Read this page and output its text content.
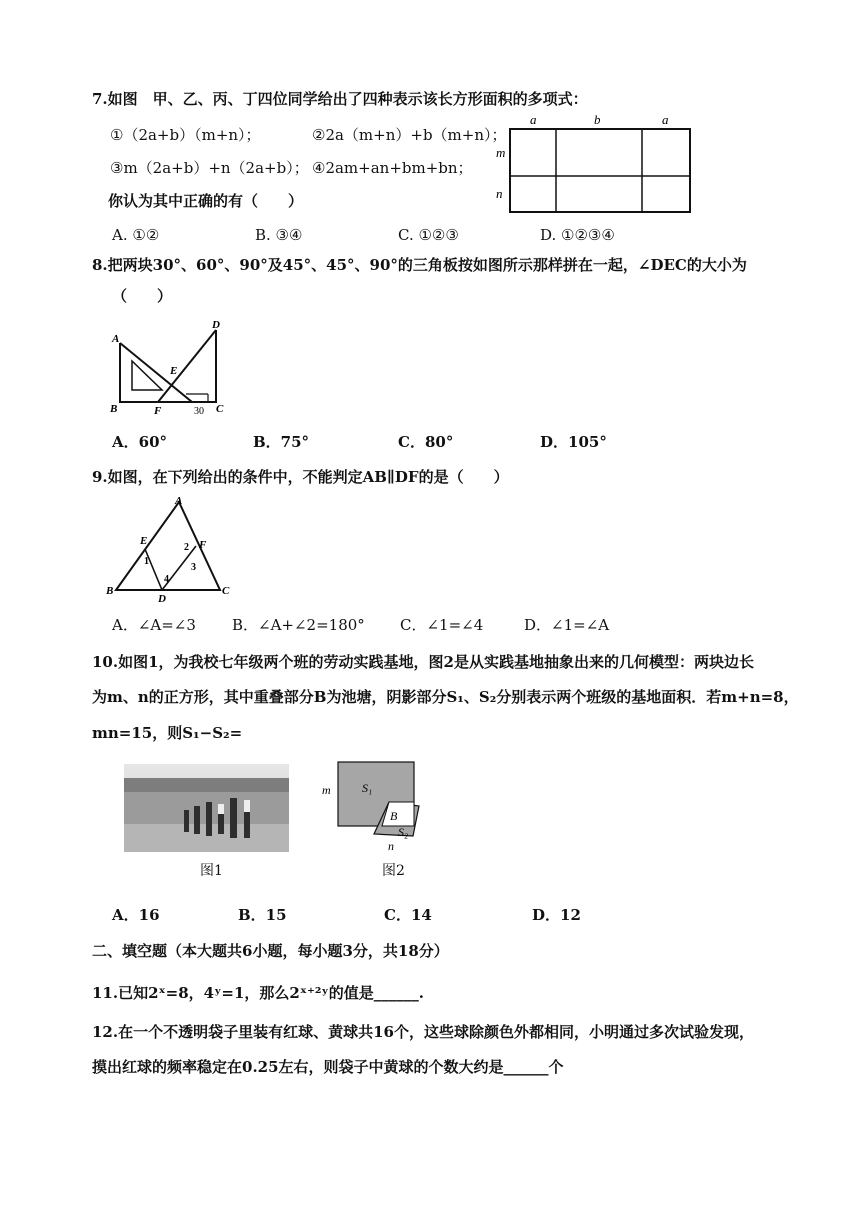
7.如图　甲、乙、丙、丁四位同学给出了四种表示该长方形面积的多项式：
①（2a+b）（m+n）；	②2a（m+n）+b（m+n）；
③m（2a+b）+n（2a+b）； ④2am+an+bm+bn；
你认为其中正确的有（　　）
A. ①②	B. ③④	C. ①②③	D. ①②③④
a	b	a
m
n
8.把两块30°、60°、90°及45°、45°、90°的三角板按如图所示那样拼在一起，∠DEC的大小为
（　　）
A
B	C
D
E
F	30
A．60°	B．75°	C．80°	D．105°
9.如图，在下列给出的条件中，不能判定AB∥DF的是（　　）
A
B	C
D
E	F
1
2
3
4
A．∠A=∠3 B．∠A+∠2=180° C．∠1=∠4	D．∠1=∠A
10.如图1，为我校七年级两个班的劳动实践基地，图2是从实践基地抽象出来的几何模型：两块边长
为m、n的正方形，其中重叠部分B为池塘，阴影部分S₁、S₂分别表示两个班级的基地面积．若m+n=8，
mn=15，则S₁−S₂=
图1
m	S₁
B
S₂
n
图2
A．16	B．15	C．14	D．12
二、填空题（本大题共6小题，每小题3分，共18分）
11.已知2ˣ=8，4ʸ=1，那么2ˣ⁺²ʸ的值是______.
12.在一个不透明袋子里装有红球、黄球共16个，这些球除颜色外都相同，小明通过多次试验发现，
摸出红球的频率稳定在0.25左右，则袋子中黄球的个数大约是______个
